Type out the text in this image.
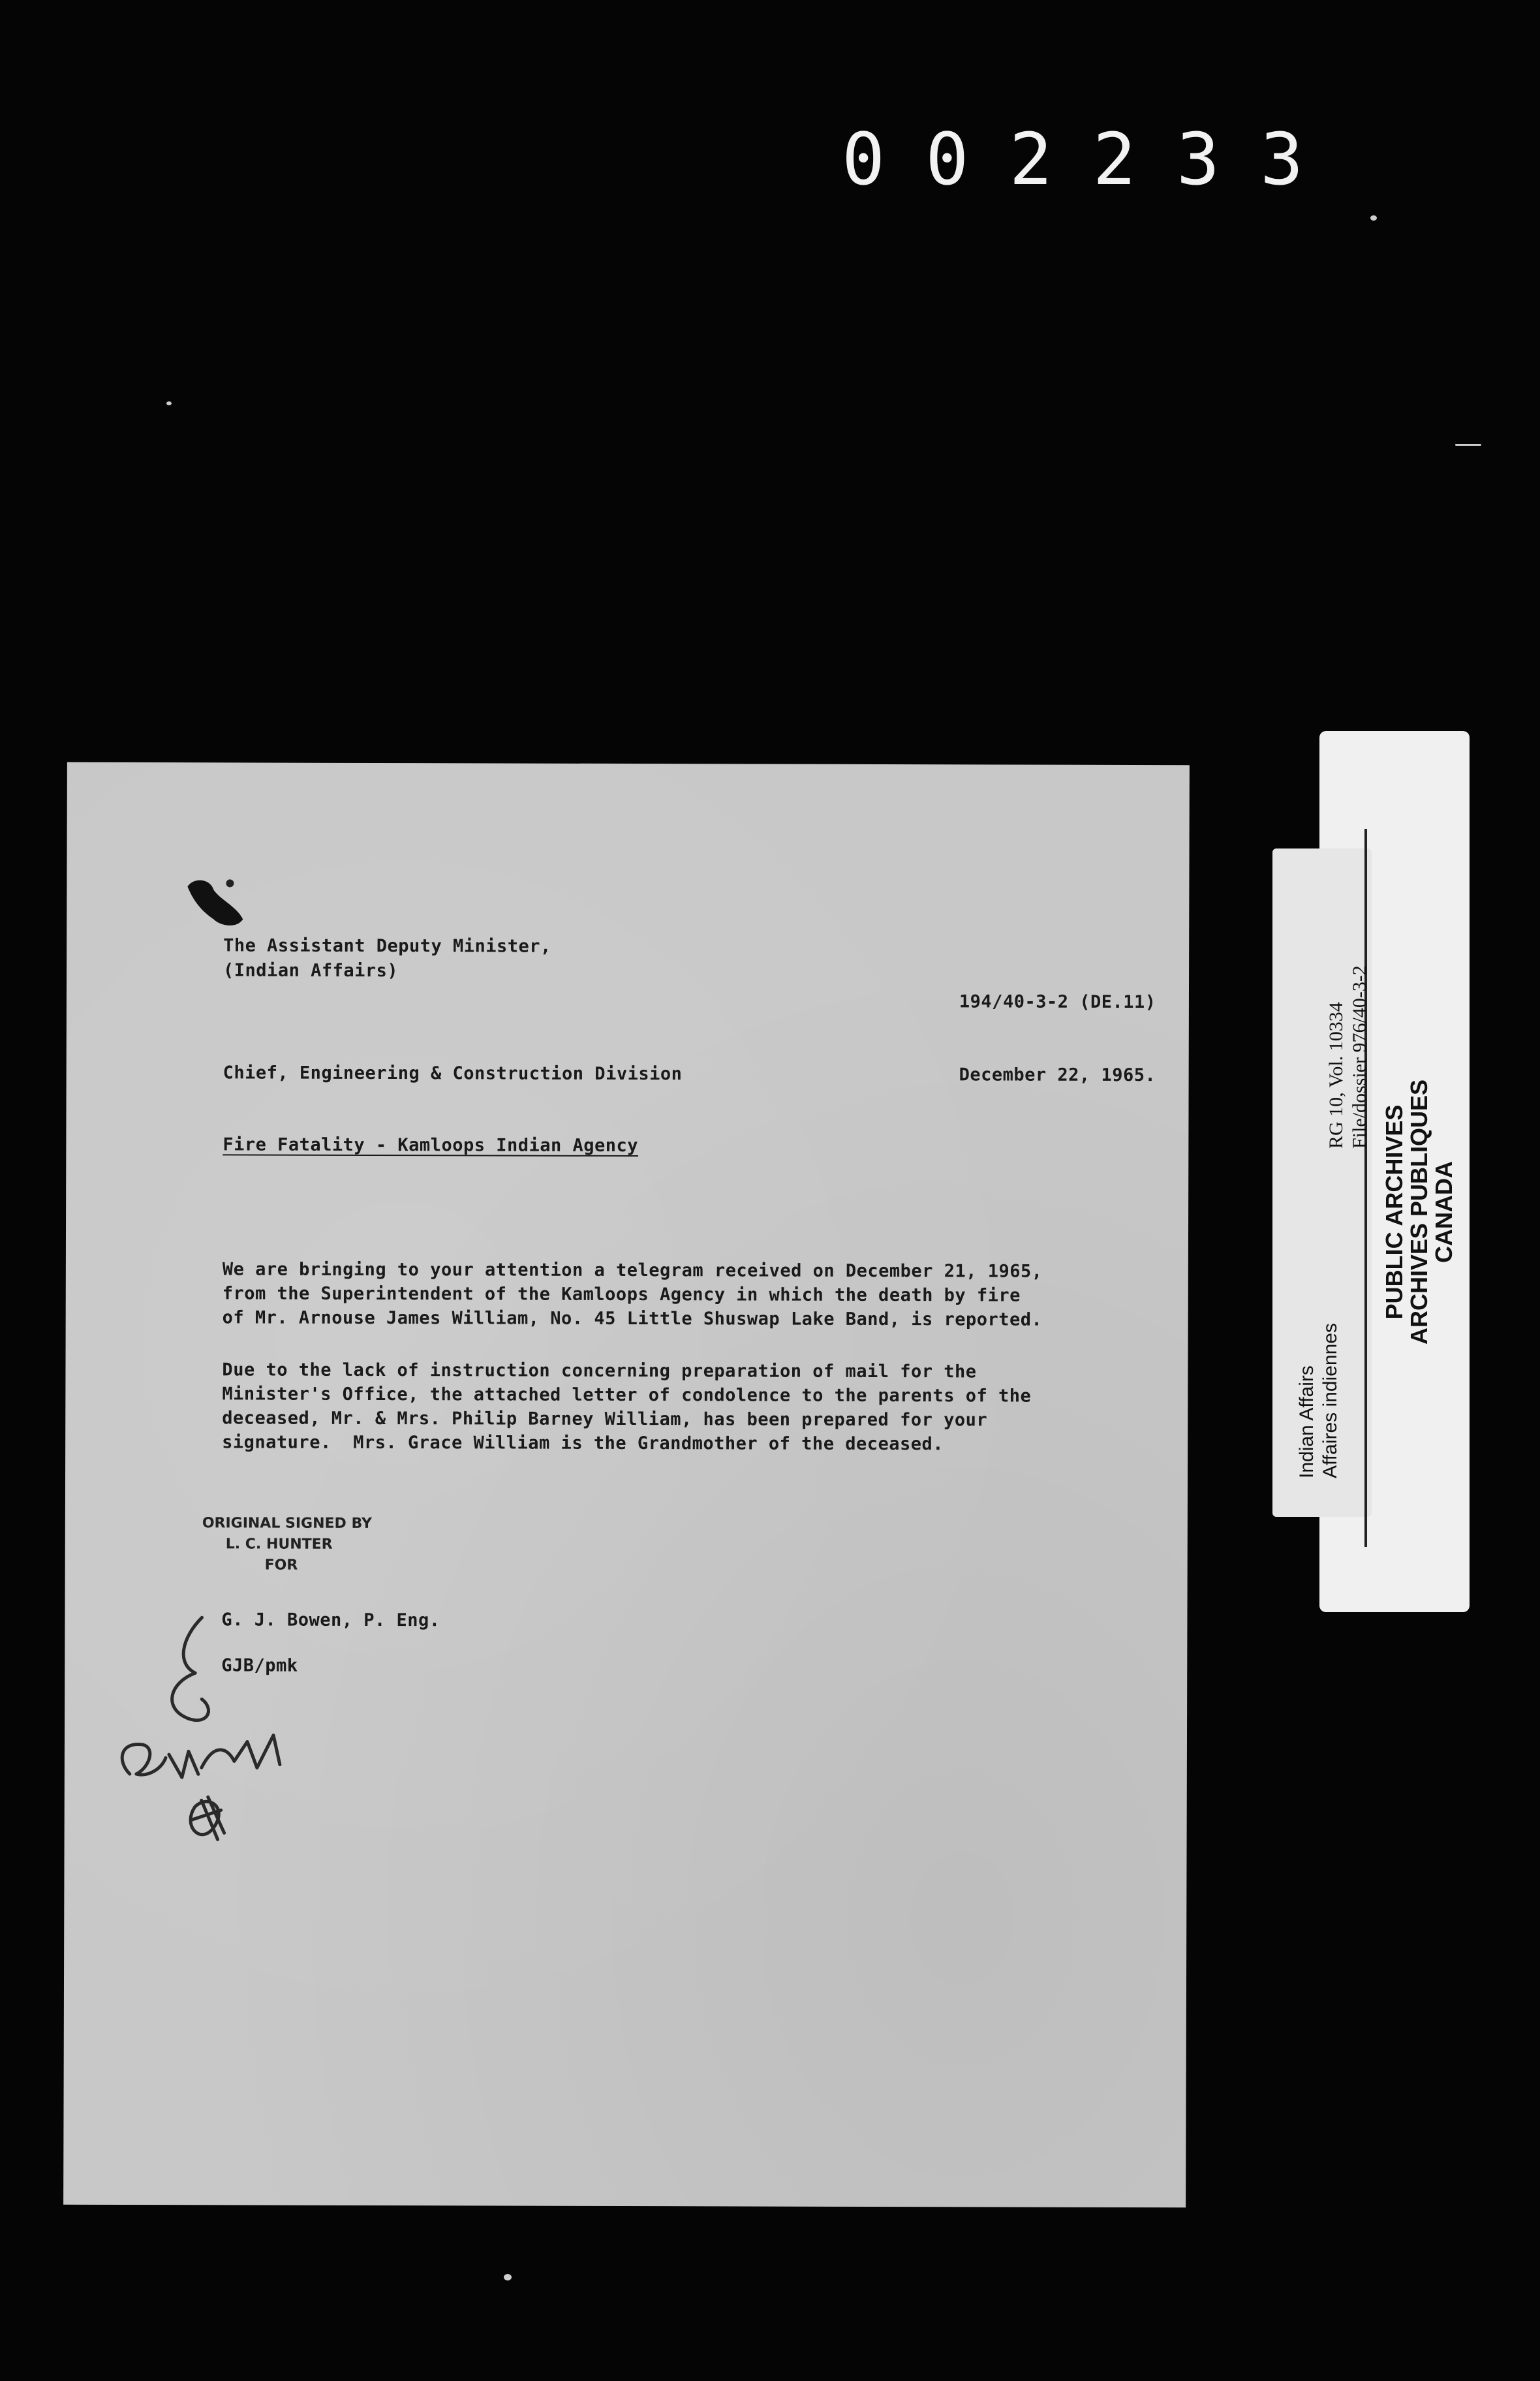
002233
The Assistant Deputy Minister,
(Indian Affairs)
194/40-3-2 (DE.11)
Chief, Engineering & Construction Division	December 22, 1965.
Fire Fatality - Kamloops Indian Agency
We are bringing to your attention a telegram received on December 21, 1965,
from the Superintendent of the Kamloops Agency in which the death by fire
of Mr. Arnouse James William, No. 45 Little Shuswap Lake Band, is reported.
Due to the lack of instruction concerning preparation of mail for the
Minister's Office, the attached letter of condolence to the parents of the
deceased, Mr. & Mrs. Philip Barney William, has been prepared for your
signature.  Mrs. Grace William is the Grandmother of the deceased.
ORIGINAL SIGNED BY
L. C. HUNTER
FOR
G. J. Bowen, P. Eng.
GJB/pmk
Indian Affairs Affaires indiennes
RG 10, Vol. 10334 File/dossier 976/40-3-2
PUBLIC ARCHIVES
ARCHIVES PUBLIQUES
CANADA
